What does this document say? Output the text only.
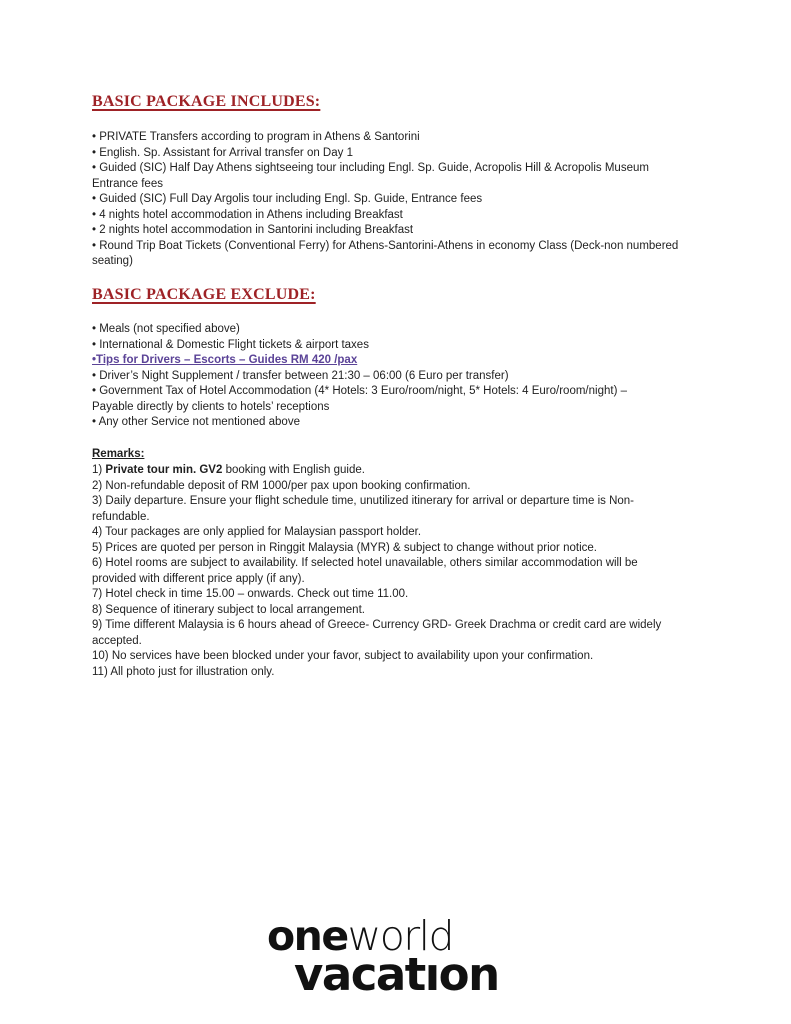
BASIC PACKAGE INCLUDES:
• PRIVATE Transfers according to program in Athens & Santorini
• English. Sp. Assistant for Arrival transfer on Day 1
• Guided (SIC) Half Day Athens sightseeing tour including Engl. Sp. Guide, Acropolis Hill & Acropolis Museum
Entrance fees
• Guided (SIC) Full Day Argolis tour including Engl. Sp. Guide, Entrance fees
• 4 nights hotel accommodation in Athens including Breakfast
• 2 nights hotel accommodation in Santorini including Breakfast
• Round Trip Boat Tickets (Conventional Ferry) for Athens-Santorini-Athens in economy Class (Deck-non numbered
seating)
BASIC PACKAGE EXCLUDE:
• Meals (not specified above)
• International & Domestic Flight tickets & airport taxes
•Tips for Drivers – Escorts – Guides RM 420 /pax
• Driver’s Night Supplement / transfer between 21:30 – 06:00 (6 Euro per transfer)
• Government Tax of Hotel Accommodation (4* Hotels: 3 Euro/room/night, 5* Hotels: 4 Euro/room/night) –
Payable directly by clients to hotels’ receptions
• Any other Service not mentioned above
Remarks:
1) Private tour min. GV2 booking with English guide.
2) Non-refundable deposit of RM 1000/per pax upon booking confirmation.
3) Daily departure. Ensure your flight schedule time, unutilized itinerary for arrival or departure time is Non-
refundable.
4) Tour packages are only applied for Malaysian passport holder.
5) Prices are quoted per person in Ringgit Malaysia (MYR) & subject to change without prior notice.
6) Hotel rooms are subject to availability. If selected hotel unavailable, others similar accommodation will be
provided with different price apply (if any).
7) Hotel check in time 15.00 – onwards. Check out time 11.00.
8) Sequence of itinerary subject to local arrangement.
9) Time different Malaysia is 6 hours ahead of Greece- Currency GRD- Greek Drachma or credit card are widely
accepted.
10) No services have been blocked under your favor, subject to availability upon your confirmation.
11) All photo just for illustration only.
oneworld
vacatıon
